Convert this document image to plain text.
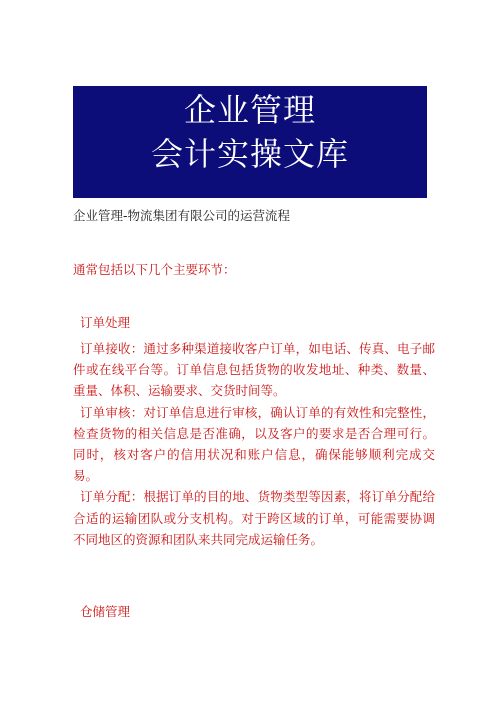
企业管理
会计实操文库
企业管理-物流集团有限公司的运营流程
通常包括以下几个主要环节：
订单处理

订单接收：通过多种渠道接收客户订单，如电话、传真、电子邮件或在线平台等。订单信息包括货物的收发地址、种类、数量、重量、体积、运输要求、交货时间等。

订单审核：对订单信息进行审核，确认订单的有效性和完整性，检查货物的相关信息是否准确，以及客户的要求是否合理可行。同时，核对客户的信用状况和账户信息，确保能够顺利完成交易。

订单分配：根据订单的目的地、货物类型等因素，将订单分配给合适的运输团队或分支机构。对于跨区域的订单，可能需要协调不同地区的资源和团队来共同完成运输任务。

仓储管理
